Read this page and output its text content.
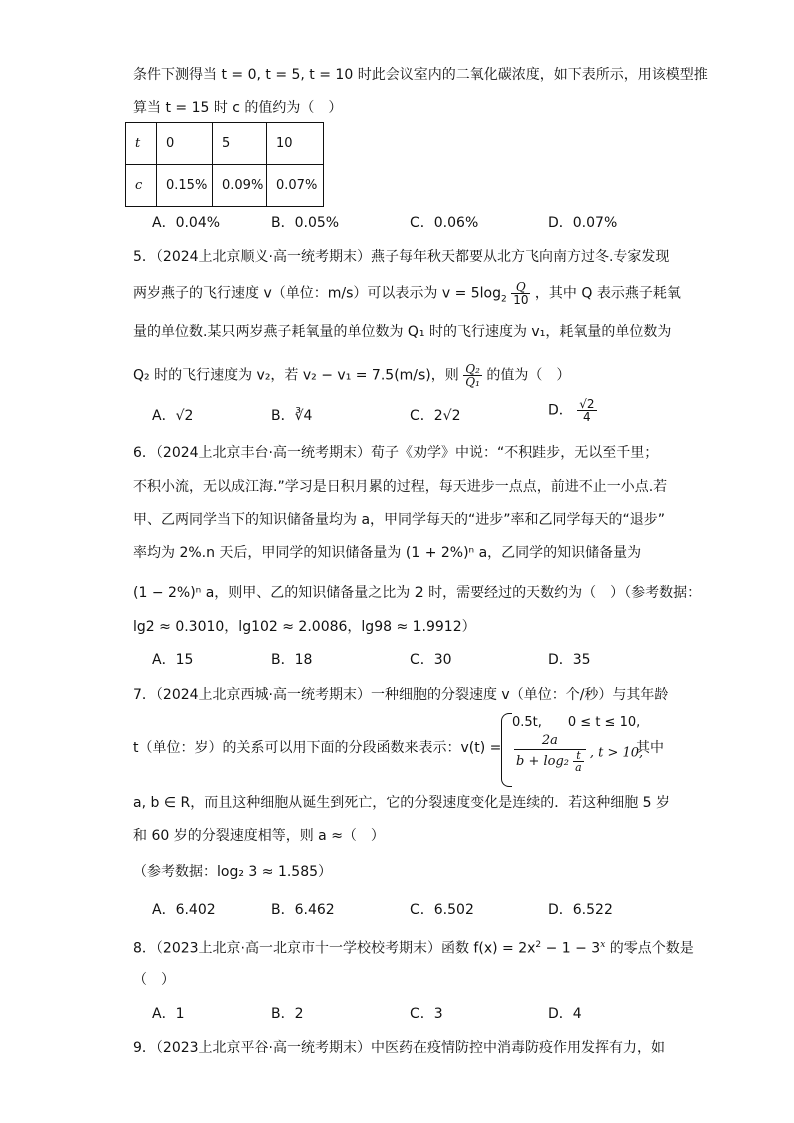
条件下测得当 t = 0, t = 5, t = 10 时此会议室内的二氧化碳浓度，如下表所示，用该模型推
算当 t = 15 时 c 的值约为（　）
t	0	5	10
c	0.15%	0.09%	0.07%
A．0.04%	B．0.05%	C．0.06%	D．0.07%
5．（2024上北京顺义·高一统考期末）燕子每年秋天都要从北方飞向南方过冬.专家发现
两岁燕子的飞行速度 v（单位：m/s）可以表示为 $v = 5\log_2 \frac{Q}{10}$ ，其中 Q 表示燕子耗氧
量的单位数.某只两岁燕子耗氧量的单位数为 Q₁ 时的飞行速度为 v₁，耗氧量的单位数为
Q₂ 时的飞行速度为 v₂，若 v₂ − v₁ = 7.5(m/s)，则 $\frac{\text{Q₂}}{\text{Q₁}}$ 的值为（　）
A．√2	B．∛4	C．2√2	D． $\frac{√2}{4}$
6．（2024上北京丰台·高一统考期末）荀子《劝学》中说：“不积跬步，无以至千里；
不积小流，无以成江海.”学习是日积月累的过程，每天进步一点点，前进不止一小点.若
甲、乙两同学当下的知识储备量均为 a，甲同学每天的“进步”率和乙同学每天的“退步”
率均为 2%.n 天后，甲同学的知识储备量为 (1 + 2%)ⁿ a，乙同学的知识储备量为
(1 − 2%)ⁿ a，则甲、乙的知识储备量之比为 2 时，需要经过的天数约为（　）（参考数据：
lg2 ≈ 0.3010，lg102 ≈ 2.0086，lg98 ≈ 1.9912）
A．15	B．18	C．30	D．35
7．（2024上北京西城·高一统考期末）一种细胞的分裂速度 v（单位：个/秒）与其年龄
t（单位：岁）的关系可以用下面的分段函数来表示：v(t) =
0.5t,　　0 ≤ t ≤ 10,
$\frac{2a}{b + \log_2 \frac{t}{a}}$ , t > 10,
其中
a, b ∈ R，而且这种细胞从诞生到死亡，它的分裂速度变化是连续的．若这种细胞 5 岁
和 60 岁的分裂速度相等，则 a ≈（　）
（参考数据：log₂ 3 ≈ 1.585）
A．6.402	B．6.462	C．6.502	D．6.522
8．（2023上北京·高一北京市十一学校校考期末）函数 $f(x) = 2x^2 - 1 - 3^x$ 的零点个数是
（　）
A．1	B．2	C．3	D．4
9．（2023上北京平谷·高一统考期末）中医药在疫情防控中消毒防疫作用发挥有力，如
